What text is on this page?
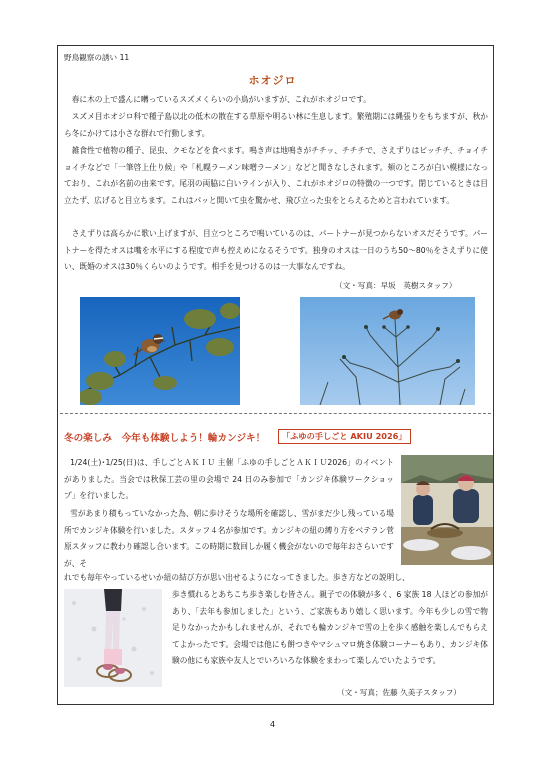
野鳥観察の誘い 11
ホオジロ

春に木の上で盛んに囀っているスズメくらいの小鳥がいますが、これがホオジロです。

スズメ目ホオジロ科で種子島以北の低木の散在する草原や明るい林に生息します。繁殖期には縄張りをもちますが、秋から冬にかけては小さな群れで行動します。

雑食性で植物の種子、昆虫、クモなどを食べます。鳴き声は地鳴きがチチッ、チチチで、さえずりはピッチチ、チョイチョイチなどで「一筆啓上仕り候」や「札幌ラーメン味噌ラーメン」などと聞きなしされます。頬のところが白い模様になっており、これが名前の由来です。尾羽の両脇に白いラインが入り、これがホオジロの特徴の一つです。閉じているときは目立たず、広げると目立ちます。これはパッと開いて虫を驚かせ、飛び立った虫をとらえるためと言われています。

さえずりは高らかに歌い上げますが、目立つところで鳴いているのは、パートナーが見つからないオスだそうです。パートナーを得たオスは嘴を水平にする程度で声も控えめになるそうです。独身のオスは一日のうち50～80％をさえずりに使い、既婚のオスは30％くらいのようです。相手を見つけるのは一大事なんですね。

（文・写真：早坂　英樹スタッフ）
冬の楽しみ　今年も体験しよう！輪カンジキ！	「ふゆの手しごと AKIU 2026」

1/24(土)･1/25(日)は、手しごとＡＫＩＵ 主催「ふゆの手しごとＡＫＩＵ2026」のイベントがありました。当会では秋保工芸の里の会場で 24 日のみ参加で「カンジキ体験ワークショップ」を行いました。

雪があまり積もっていなかった為、朝に歩けそうな場所を確認し、雪がまだ少し残っている場所でカンジキ体験を行いました。スタッフ４名が参加です。カンジキの紐の縛り方をベテラン菅原スタッフに教わり確認し合います。この時期に数回しか履く機会がないので毎年おさらいですが、そ

れでも毎年やっているせいか紐の結び方が思い出せるようになってきました。歩き方などの説明し、

歩き慣れるとあちこち歩き楽しむ皆さん。親子での体験が多く、6 家族 18 人ほどの参加があり、「去年も参加しました」という、ご家族もあり嬉しく思います。今年も少しの雪で物足りなかったかもしれませんが、それでも輪カンジキで雪の上を歩く感触を楽しんでもらえてよかったです。会場では他にも餅つきやマシュマロ焼き体験コーナーもあり、カンジキ体験の他にも家族や友人とでいろいろな体験をまわって楽しんでいたようです。

（文・写真；佐藤 久美子スタッフ）
4
